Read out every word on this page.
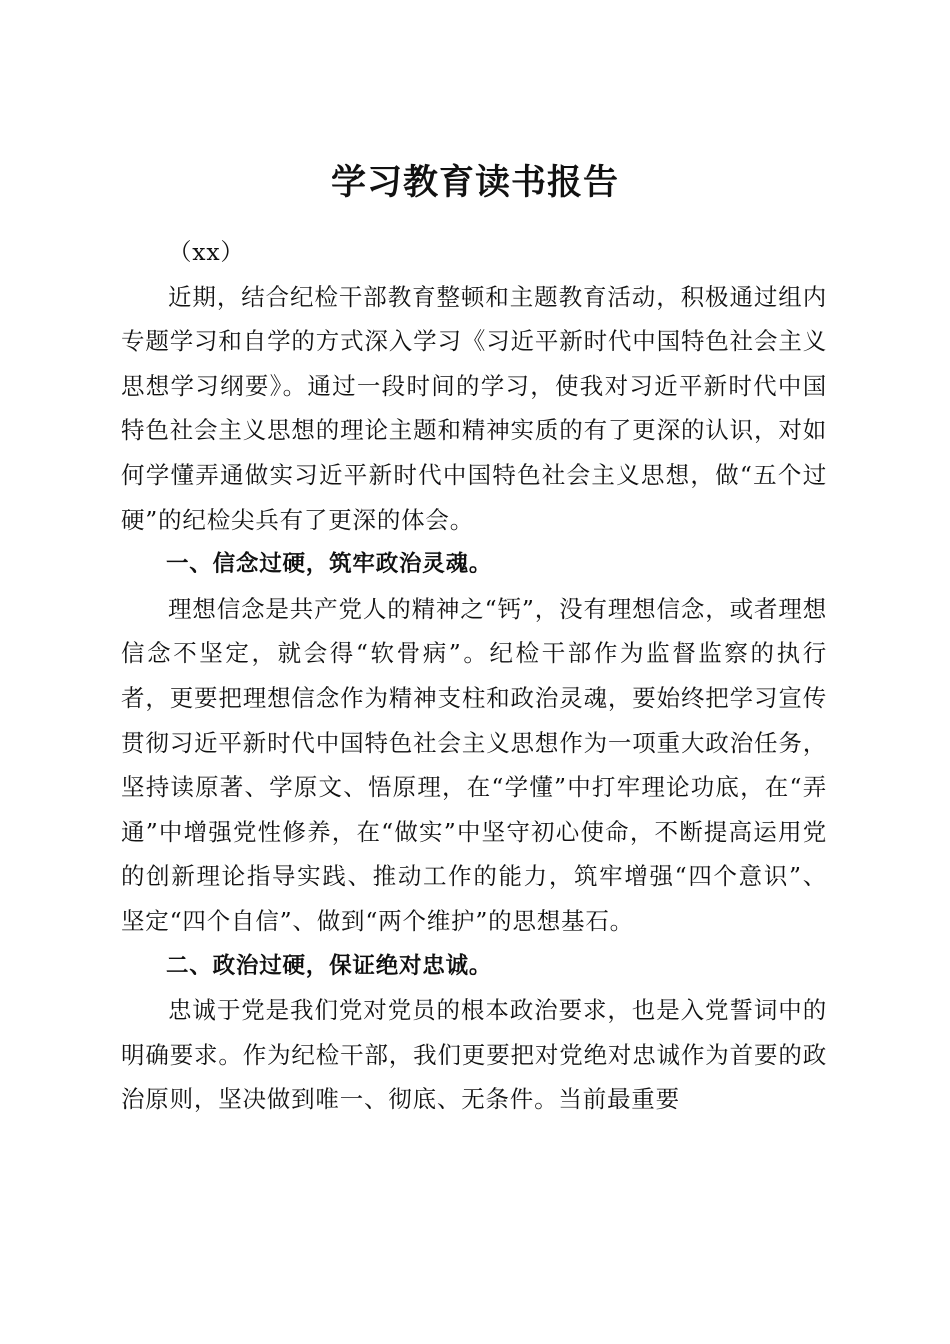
学习教育读书报告

（xx）

近期，结合纪检干部教育整顿和主题教育活动，积极通过组内专题学习和自学的方式深入学习《习近平新时代中国特色社会主义思想学习纲要》。通过一段时间的学习，使我对习近平新时代中国特色社会主义思想的理论主题和精神实质的有了更深的认识，对如何学懂弄通做实习近平新时代中国特色社会主义思想，做“五个过硬”的纪检尖兵有了更深的体会。

一、信念过硬，筑牢政治灵魂。

理想信念是共产党人的精神之“钙”，没有理想信念，或者理想信念不坚定，就会得“软骨病”。纪检干部作为监督监察的执行者，更要把理想信念作为精神支柱和政治灵魂，要始终把学习宣传贯彻习近平新时代中国特色社会主义思想作为一项重大政治任务，坚持读原著、学原文、悟原理，在“学懂”中打牢理论功底，在“弄通”中增强党性修养，在“做实”中坚守初心使命，不断提高运用党的创新理论指导实践、推动工作的能力，筑牢增强“四个意识”、坚定“四个自信”、做到“两个维护”的思想基石。

二、政治过硬，保证绝对忠诚。

忠诚于党是我们党对党员的根本政治要求，也是入党誓词中的明确要求。作为纪检干部，我们更要把对党绝对忠诚作为首要的政治原则，坚决做到唯一、彻底、无条件。当前最重要
